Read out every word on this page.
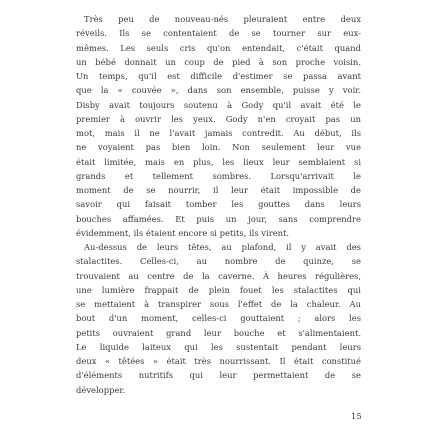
Très peu de nouveau-nés pleuraient entre deux
réveils. Ils se contentaient de se tourner sur eux-
mêmes. Les seuls cris qu'on entendait, c'était quand
un bébé donnait un coup de pied à son proche voisin.
Un temps, qu'il est difficile d'estimer se passa avant
que la « couvée », dans son ensemble, puisse y voir.
Disby avait toujours soutenu à Gody qu'il avait été le
premier à ouvrir les yeux. Gody n'en croyait pas un
mot, mais il ne l'avait jamais contredit. Au début, ils
ne voyaient pas bien loin. Non seulement leur vue
était limitée, mais en plus, les lieux leur semblaient si
grands et tellement sombres. Lorsqu'arrivait le
moment de se nourrir, il leur était impossible de
savoir qui faisait tomber les gouttes dans leurs
bouches affamées. Et puis un jour, sans comprendre
évidemment, ils étaient encore si petits, ils virent.

Au-dessus de leurs têtes, au plafond, il y avait des
stalactites. Celles-ci, au nombre de quinze, se
trouvaient au centre de la caverne. À heures régulières,
une lumière frappait de plein fouet les stalactites qui
se mettaient à transpirer sous l'effet de la chaleur. Au
bout d'un moment, celles-ci gouttaient ; alors les
petits ouvraient grand leur bouche et s'alimentaient.
Le liquide laiteux qui les sustentait pendant leurs
deux « têtées » était très nourrissant. Il était constitué
d'éléments nutritifs qui leur permettaient de se
développer.

15
